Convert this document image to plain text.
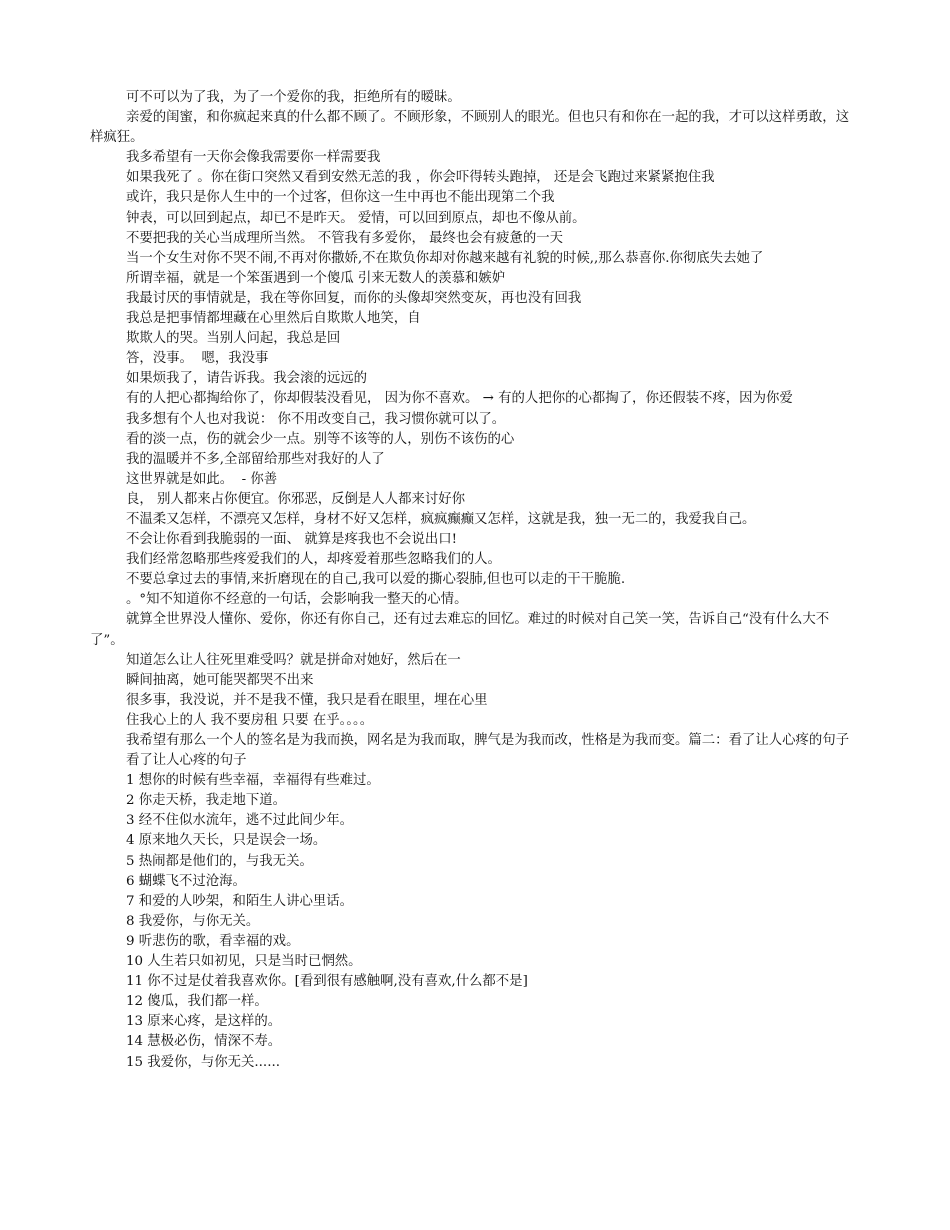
可不可以为了我，为了一个爱你的我，拒绝所有的暧昧。

亲爱的闺蜜，和你疯起来真的什么都不顾了。不顾形象，不顾别人的眼光。但也只有和你在一起的我，才可以这样勇敢，这样疯狂。

我多希望有一天你会像我需要你一样需要我

如果我死了 。你在街口突然又看到安然无恙的我 ，你会吓得转头跑掉， 还是会飞跑过来紧紧抱住我

或许，我只是你人生中的一个过客，但你这一生中再也不能出现第二个我

钟表，可以回到起点，却已不是昨天。 爱情，可以回到原点，却也不像从前。

不要把我的关心当成理所当然。 不管我有多爱你， 最终也会有疲惫的一天

当一个女生对你不哭不闹,不再对你撒娇,不在欺负你却对你越来越有礼貌的时候,,那么恭喜你.你彻底失去她了

所谓幸福，就是一个笨蛋遇到一个傻瓜 引来无数人的羡慕和嫉妒

我最讨厌的事情就是，我在等你回复，而你的头像却突然变灰，再也没有回我

我总是把事情都埋藏在心里然后自欺欺人地笑，自

欺欺人的哭。当别人问起，我总是回

答，没事。  嗯，我没事

如果烦我了，请告诉我。我会滚的远远的

有的人把心都掏给你了，你却假装没看见， 因为你不喜欢。 → 有的人把你的心都掏了，你还假装不疼，因为你爱

我多想有个人也对我说： 你不用改变自己，我习惯你就可以了。

看的淡一点，伤的就会少一点。别等不该等的人，别伤不该伤的心

我的温暖并不多,全部留给那些对我好的人了

这世界就是如此。  - 你善

良， 别人都来占你便宜。你邪恶，反倒是人人都来讨好你

不温柔又怎样，不漂亮又怎样，身材不好又怎样，疯疯癫癫又怎样，这就是我，独一无二的，我爱我自己。

不会让你看到我脆弱的一面、 就算是疼我也不会说出口!

我们经常忽略那些疼爱我们的人，却疼爱着那些忽略我们的人。

不要总拿过去的事情,来折磨现在的自己,我可以爱的撕心裂肺,但也可以走的干干脆脆.

。°知不知道你不经意的一句话，会影响我一整天的心情。

就算全世界没人懂你、爱你，你还有你自己，还有过去难忘的回忆。难过的时候对自己笑一笑，告诉自己“没有什么大不了”。

知道怎么让人往死里难受吗？就是拼命对她好，然后在一

瞬间抽离，她可能哭都哭不出来

很多事，我没说，并不是我不懂，我只是看在眼里，埋在心里

住我心上的人 我不要房租 只要 在乎。。。。

我希望有那么一个人的签名是为我而换，网名是为我而取，脾气是为我而改，性格是为我而变。篇二：看了让人心疼的句子

看了让人心疼的句子

1 想你的时候有些幸福，幸福得有些难过。

2 你走天桥，我走地下道。

3 经不住似水流年，逃不过此间少年。

4 原来地久天长，只是误会一场。

5 热闹都是他们的，与我无关。

6 蝴蝶飞不过沧海。

7 和爱的人吵架，和陌生人讲心里话。

8 我爱你，与你无关。

9 听悲伤的歌，看幸福的戏。

10 人生若只如初见，只是当时已惘然。

11 你不过是仗着我喜欢你。[看到很有感触啊,没有喜欢,什么都不是]

12 傻瓜，我们都一样。

13 原来心疼，是这样的。

14 慧极必伤，情深不寿。

15 我爱你，与你无关......
